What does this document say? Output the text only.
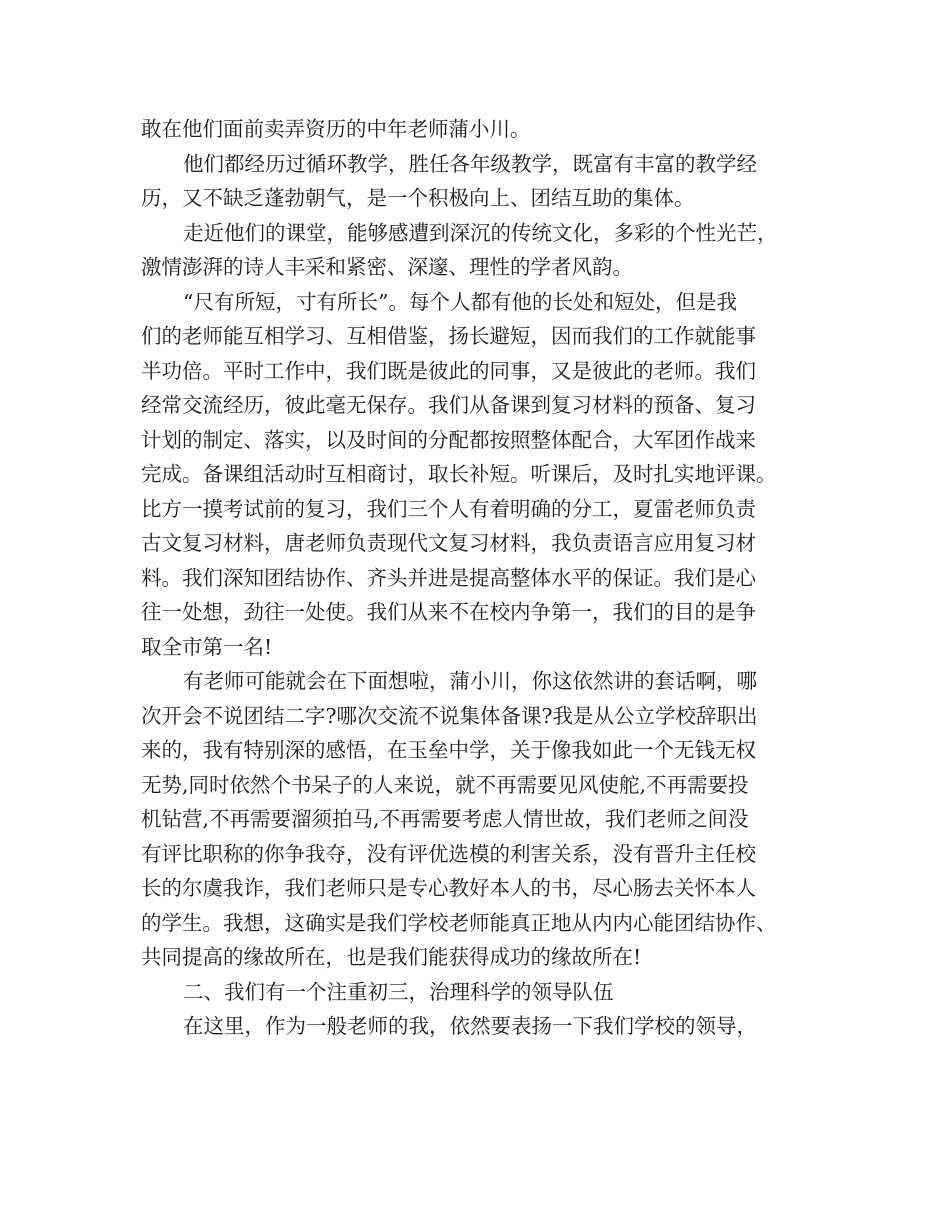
敢在他们面前卖弄资历的中年老师蒲小川。
他们都经历过循环教学，胜任各年级教学，既富有丰富的教学经
历，又不缺乏蓬勃朝气，是一个积极向上、团结互助的集体。
走近他们的课堂，能够感遭到深沉的传统文化，多彩的个性光芒，
激情澎湃的诗人丰采和紧密、深邃、理性的学者风韵。
“尺有所短，寸有所长”。每个人都有他的长处和短处，但是我
们的老师能互相学习、互相借鉴，扬长避短，因而我们的工作就能事
半功倍。平时工作中，我们既是彼此的同事，又是彼此的老师。我们
经常交流经历，彼此毫无保存。我们从备课到复习材料的预备、复习
计划的制定、落实，以及时间的分配都按照整体配合，大军团作战来
完成。备课组活动时互相商讨，取长补短。听课后，及时扎实地评课。
比方一摸考试前的复习，我们三个人有着明确的分工，夏雷老师负责
古文复习材料，唐老师负责现代文复习材料，我负责语言应用复习材
料。我们深知团结协作、齐头并进是提高整体水平的保证。我们是心
往一处想，劲往一处使。我们从来不在校内争第一，我们的目的是争
取全市第一名!
有老师可能就会在下面想啦，蒲小川，你这依然讲的套话啊，哪
次开会不说团结二字?哪次交流不说集体备课?我是从公立学校辞职出
来的，我有特别深的感悟，在玉垒中学，关于像我如此一个无钱无权
无势,同时依然个书呆子的人来说，就不再需要见风使舵,不再需要投
机钻营,不再需要溜须拍马,不再需要考虑人情世故，我们老师之间没
有评比职称的你争我夺，没有评优选模的利害关系，没有晋升主任校
长的尔虞我诈，我们老师只是专心教好本人的书，尽心肠去关怀本人
的学生。我想，这确实是我们学校老师能真正地从内内心能团结协作、
共同提高的缘故所在，也是我们能获得成功的缘故所在!
二、我们有一个注重初三，治理科学的领导队伍
在这里，作为一般老师的我，依然要表扬一下我们学校的领导，
